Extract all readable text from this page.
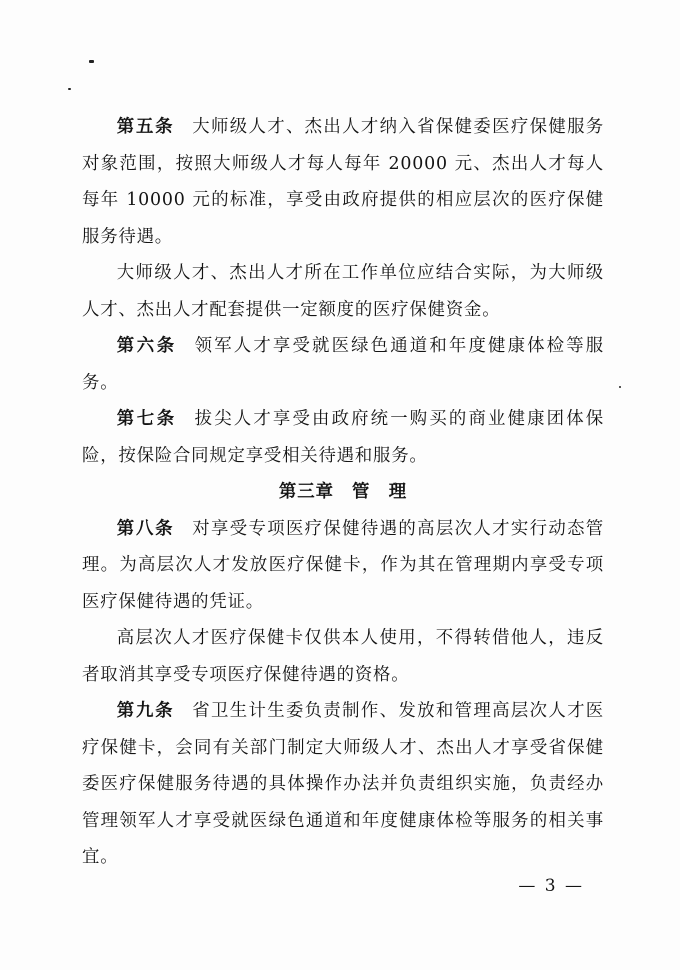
第五条 大师级人才、杰出人才纳入省保健委医疗保健服务对象范围，按照大师级人才每人每年 20000 元、杰出人才每人每年 10000 元的标准，享受由政府提供的相应层次的医疗保健服务待遇。

大师级人才、杰出人才所在工作单位应结合实际，为大师级人才、杰出人才配套提供一定额度的医疗保健资金。

第六条 领军人才享受就医绿色通道和年度健康体检等服务。

第七条 拔尖人才享受由政府统一购买的商业健康团体保险，按保险合同规定享受相关待遇和服务。

第三章 管　理

第八条 对享受专项医疗保健待遇的高层次人才实行动态管理。为高层次人才发放医疗保健卡，作为其在管理期内享受专项医疗保健待遇的凭证。

高层次人才医疗保健卡仅供本人使用，不得转借他人，违反者取消其享受专项医疗保健待遇的资格。

第九条 省卫生计生委负责制作、发放和管理高层次人才医疗保健卡，会同有关部门制定大师级人才、杰出人才享受省保健委医疗保健服务待遇的具体操作办法并负责组织实施，负责经办管理领军人才享受就医绿色通道和年度健康体检等服务的相关事宜。

— 3 —
